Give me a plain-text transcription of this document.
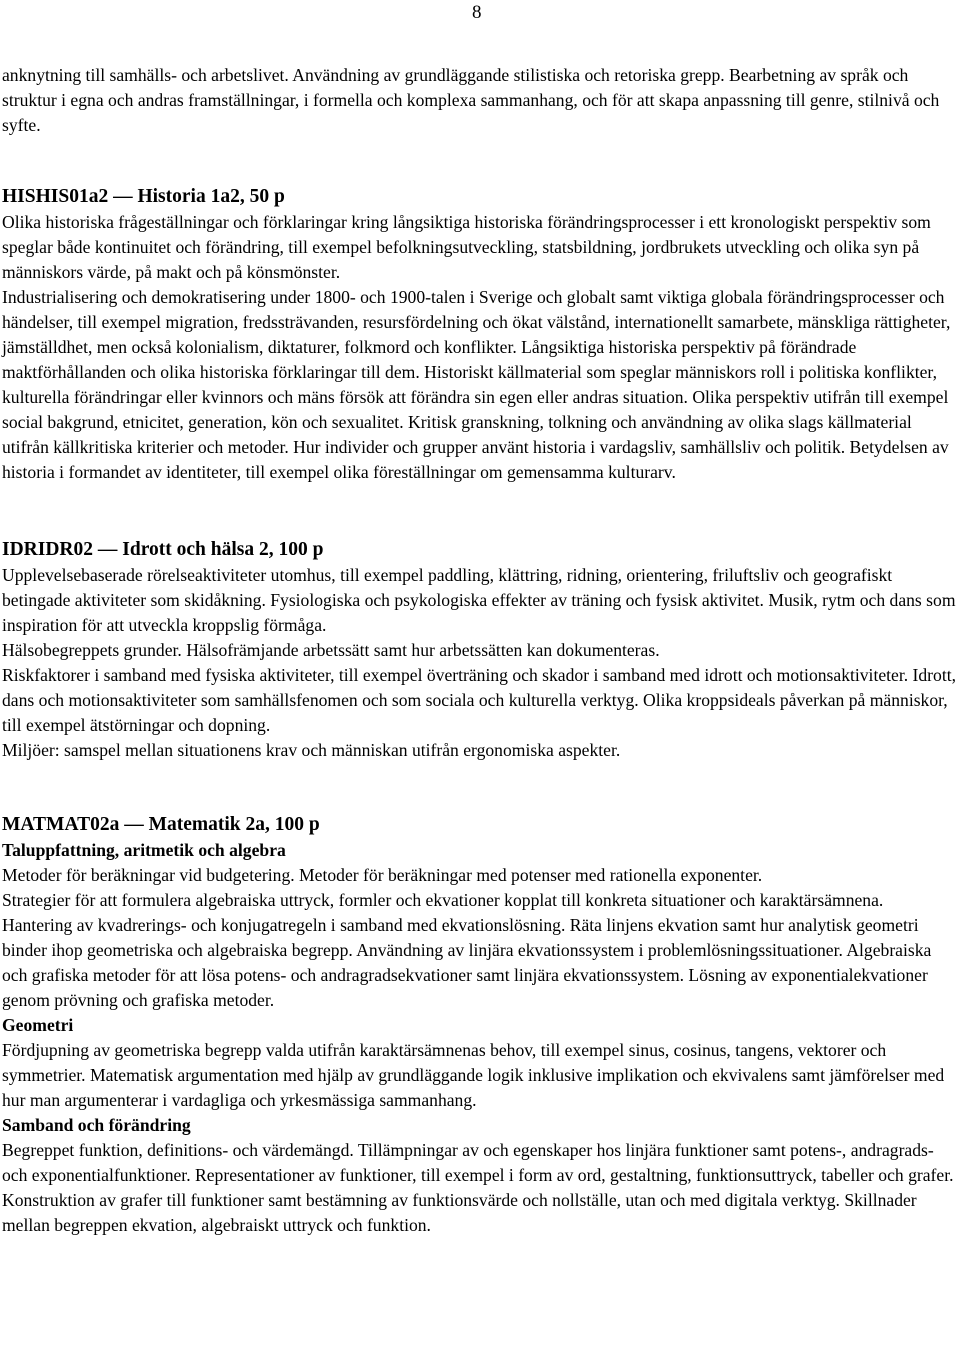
8

anknytning till samhälls- och arbetslivet. Användning av grundläggande stilistiska och retoriska grepp. Bearbetning av språk och struktur i egna och andras framställningar, i formella och komplexa sammanhang, och för att skapa anpassning till genre, stilnivå och syfte.

HISHIS01a2 — Historia 1a2, 50 p

Olika historiska frågeställningar och förklaringar kring långsiktiga historiska förändringsprocesser i ett kronologiskt perspektiv som speglar både kontinuitet och förändring, till exempel befolkningsutveckling, statsbildning, jordbrukets utveckling och olika syn på människors värde, på makt och på könsmönster.

Industrialisering och demokratisering under 1800- och 1900-talen i Sverige och globalt samt viktiga globala förändringsprocesser och händelser, till exempel migration, fredssträvanden, resursfördelning och ökat välstånd, internationellt samarbete, mänskliga rättigheter, jämställdhet, men också kolonialism, diktaturer, folkmord och konflikter. Långsiktiga historiska perspektiv på förändrade maktförhållanden och olika historiska förklaringar till dem. Historiskt källmaterial som speglar människors roll i politiska konflikter, kulturella förändringar eller kvinnors och mäns försök att förändra sin egen eller andras situation. Olika perspektiv utifrån till exempel social bakgrund, etnicitet, generation, kön och sexualitet. Kritisk granskning, tolkning och användning av olika slags källmaterial utifrån källkritiska kriterier och metoder. Hur individer och grupper använt historia i vardagsliv, samhällsliv och politik. Betydelsen av historia i formandet av identiteter, till exempel olika föreställningar om gemensamma kulturarv.

IDRIDR02 — Idrott och hälsa 2, 100 p

Upplevelsebaserade rörelseaktiviteter utomhus, till exempel paddling, klättring, ridning, orientering, friluftsliv och geografiskt betingade aktiviteter som skidåkning. Fysiologiska och psykologiska effekter av träning och fysisk aktivitet. Musik, rytm och dans som inspiration för att utveckla kroppslig förmåga.

Hälsobegreppets grunder. Hälsofrämjande arbetssätt samt hur arbetssätten kan dokumenteras.

Riskfaktorer i samband med fysiska aktiviteter, till exempel överträning och skador i samband med idrott och motionsaktiviteter. Idrott, dans och motionsaktiviteter som samhällsfenomen och som sociala och kulturella verktyg. Olika kroppsideals påverkan på människor, till exempel ätstörningar och dopning.

Miljöer: samspel mellan situationens krav och människan utifrån ergonomiska aspekter.

MATMAT02a — Matematik 2a, 100 p

Taluppfattning, aritmetik och algebra

Metoder för beräkningar vid budgetering. Metoder för beräkningar med potenser med rationella exponenter.

Strategier för att formulera algebraiska uttryck, formler och ekvationer kopplat till konkreta situationer och karaktärsämnena. Hantering av kvadrerings- och konjugatregeln i samband med ekvationslösning. Räta linjens ekvation samt hur analytisk geometri binder ihop geometriska och algebraiska begrepp. Användning av linjära ekvationssystem i problemlösningssituationer. Algebraiska och grafiska metoder för att lösa potens- och andragradsekvationer samt linjära ekvationssystem. Lösning av exponentialekvationer genom prövning och grafiska metoder.

Geometri

Fördjupning av geometriska begrepp valda utifrån karaktärsämnenas behov, till exempel sinus, cosinus, tangens, vektorer och symmetrier. Matematisk argumentation med hjälp av grundläggande logik inklusive implikation och ekvivalens samt jämförelser med hur man argumenterar i vardagliga och yrkesmässiga sammanhang.

Samband och förändring

Begreppet funktion, definitions- och värdemängd. Tillämpningar av och egenskaper hos linjära funktioner samt potens-, andragrads- och exponentialfunktioner. Representationer av funktioner, till exempel i form av ord, gestaltning, funktionsuttryck, tabeller och grafer. Konstruktion av grafer till funktioner samt bestämning av funktionsvärde och nollställe, utan och med digitala verktyg. Skillnader mellan begreppen ekvation, algebraiskt uttryck och funktion.
